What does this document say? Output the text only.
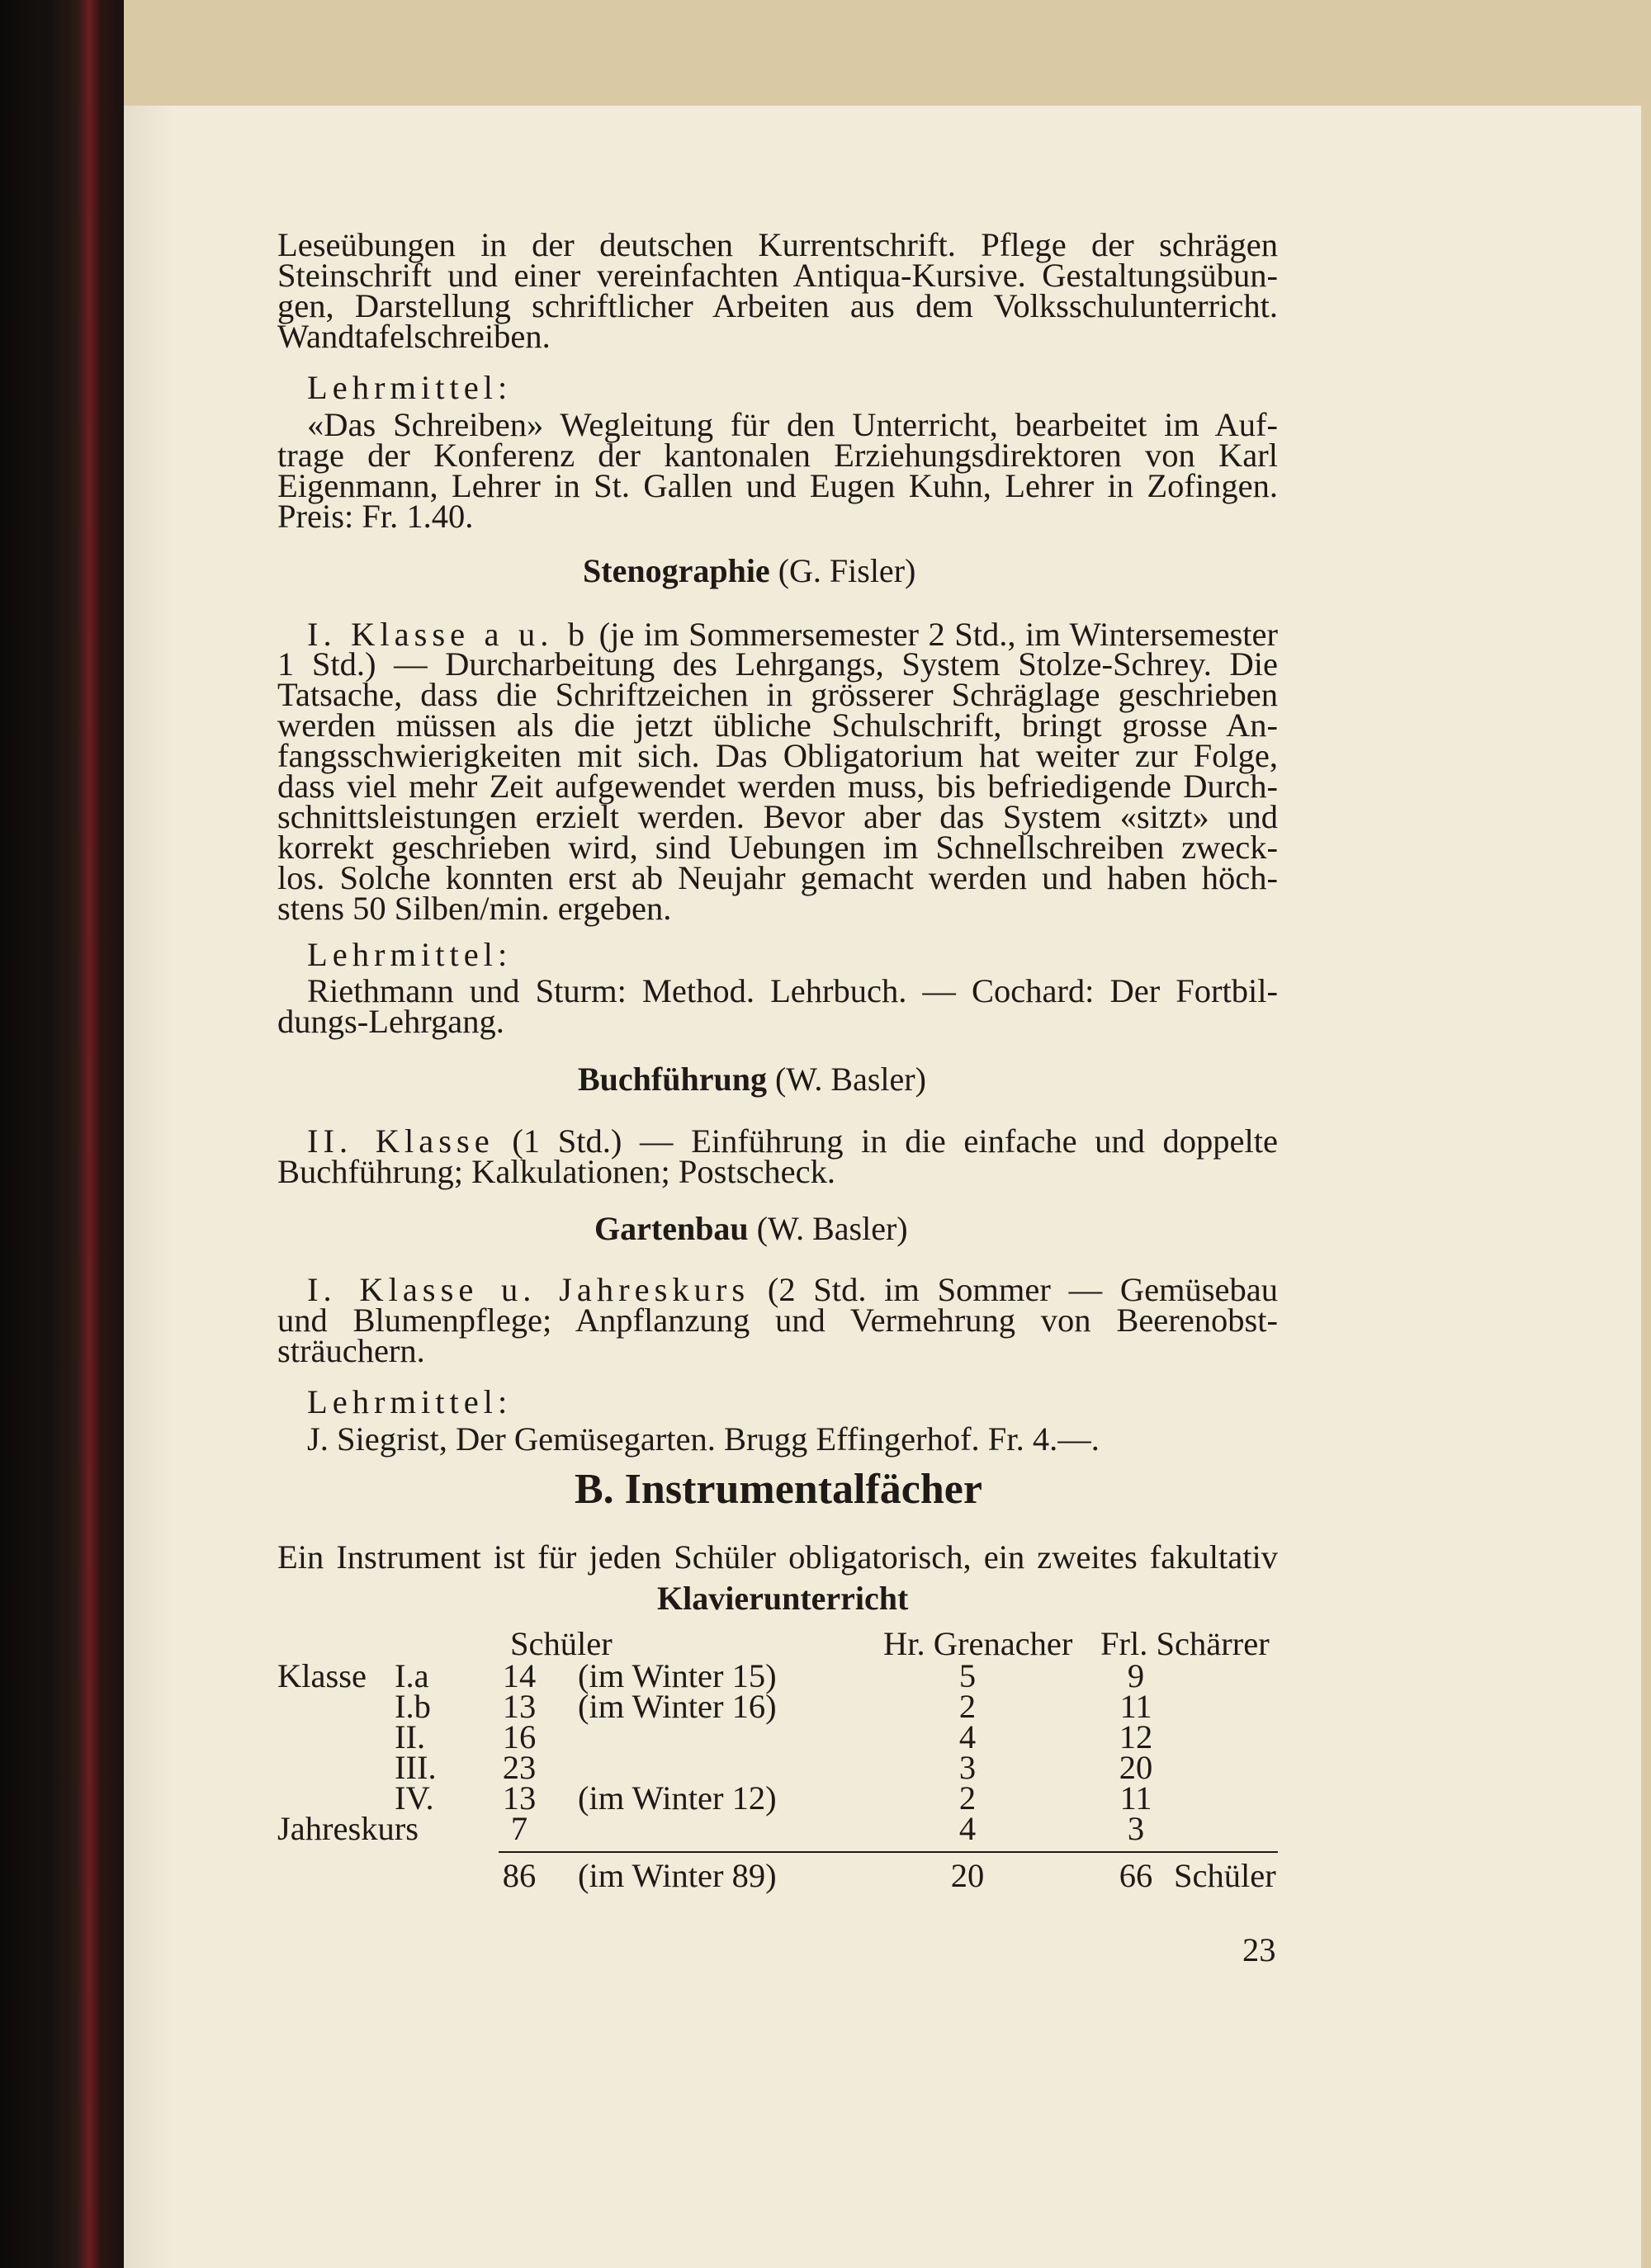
Leseübungen in der deutschen Kurrentschrift. Pflege der schrägen

Steinschrift und einer vereinfachten Antiqua-Kursive. Gestaltungsübun-

gen, Darstellung schriftlicher Arbeiten aus dem Volksschulunterricht.

Wandtafelschreiben.

Lehrmittel:

«Das Schreiben» Wegleitung für den Unterricht, bearbeitet im Auf-

trage der Konferenz der kantonalen Erziehungsdirektoren von Karl

Eigenmann, Lehrer in St. Gallen und Eugen Kuhn, Lehrer in Zofingen.

Preis: Fr. 1.40.

Stenographie (G. Fisler)

I. Klasse a u. b (je im Sommersemester 2 Std., im Wintersemester

1 Std.) — Durcharbeitung des Lehrgangs, System Stolze-Schrey. Die

Tatsache, dass die Schriftzeichen in grösserer Schräglage geschrieben

werden müssen als die jetzt übliche Schulschrift, bringt grosse An-

fangsschwierigkeiten mit sich. Das Obligatorium hat weiter zur Folge,

dass viel mehr Zeit aufgewendet werden muss, bis befriedigende Durch-

schnittsleistungen erzielt werden. Bevor aber das System «sitzt» und

korrekt geschrieben wird, sind Uebungen im Schnellschreiben zweck-

los. Solche konnten erst ab Neujahr gemacht werden und haben höch-

stens 50 Silben/min. ergeben.

Lehrmittel:

Riethmann und Sturm: Method. Lehrbuch. — Cochard: Der Fortbil-

dungs-Lehrgang.

Buchführung (W. Basler)

II. Klasse (1 Std.) — Einführung in die einfache und doppelte

Buchführung; Kalkulationen; Postscheck.

Gartenbau (W. Basler)

I. Klasse u. Jahreskurs (2 Std. im Sommer — Gemüsebau

und Blumenpflege; Anpflanzung und Vermehrung von Beerenobst-

sträuchern.

Lehrmittel:

J. Siegrist, Der Gemüsegarten. Brugg Effingerhof. Fr. 4.—.

B. Instrumentalfächer

Ein Instrument ist für jeden Schüler obligatorisch, ein zweites fakultativ

Klavierunterricht

Schüler	Hr. Grenacher Frl. Schärrer
Klasse I.a 14 (im Winter 15)	5	9
I.b 13 (im Winter 16)	2	11
II. 16	4	12
III. 23	3	20
IV. 13 (im Winter 12)	2	11
Jahreskurs	7	4	3
86 (im Winter 89)	20	66 Schüler
23
